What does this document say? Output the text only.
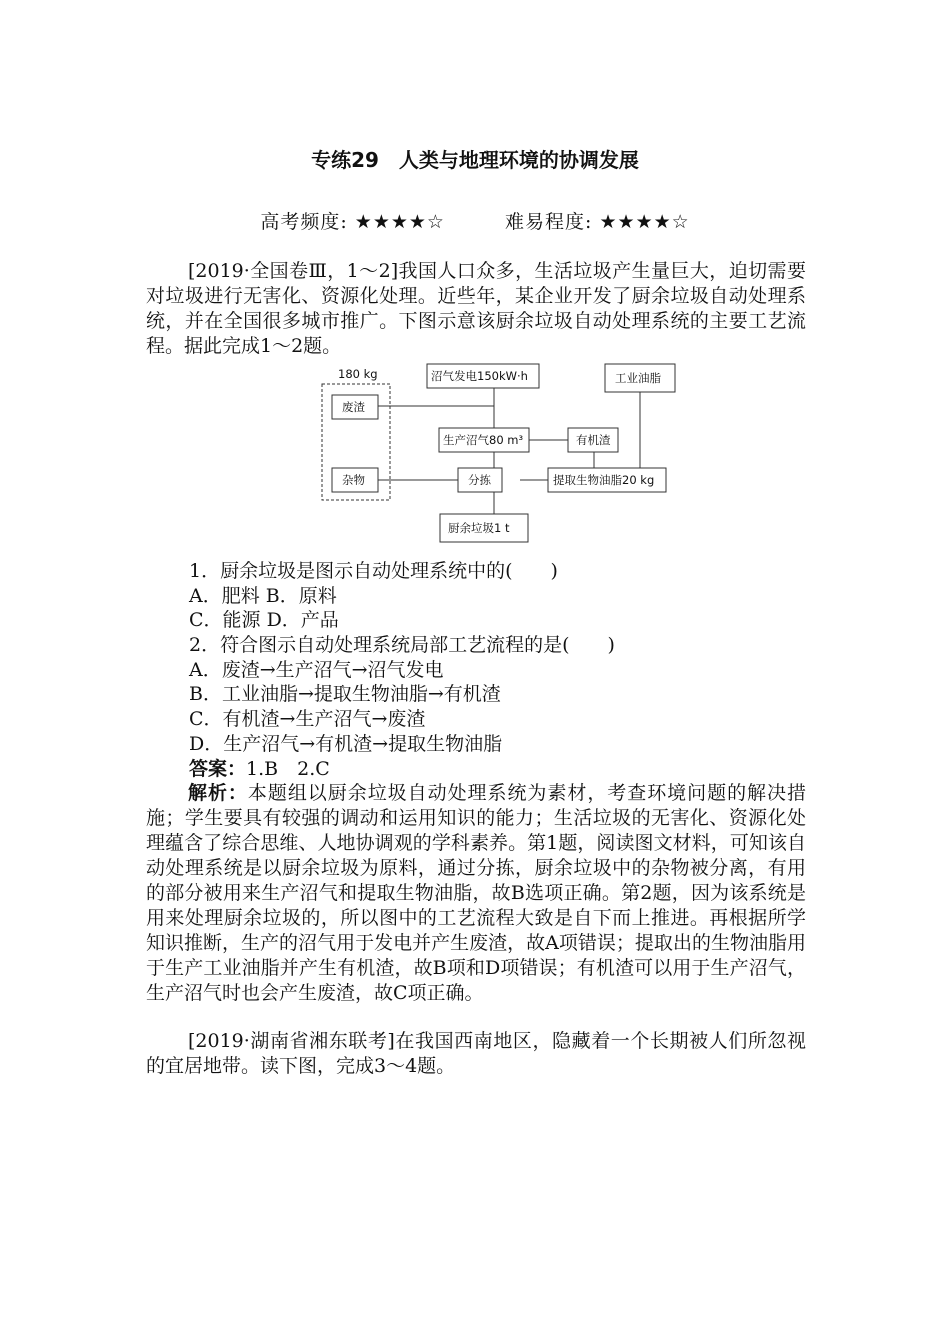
专练29　人类与地理环境的协调发展
高考频度: ★★★★☆	难易程度: ★★★★☆
[2019·全国卷Ⅲ，1～2]我国人口众多，生活垃圾产生量巨大，迫切需要对垃圾进行无害化、资源化处理。近些年，某企业开发了厨余垃圾自动处理系统，并在全国很多城市推广。下图示意该厨余垃圾自动处理系统的主要工艺流程。据此完成1～2题。
180 kg
废渣
杂物
沼气发电150kW·h	工业油脂
生产沼气80 m³	有机渣
分拣	提取生物油脂20 kg
厨余垃圾1 t
1．厨余垃圾是图示自动处理系统中的(　　)
A．肥料 B．原料
C．能源 D．产品
2．符合图示自动处理系统局部工艺流程的是(　　)
A．废渣→生产沼气→沼气发电
B．工业油脂→提取生物油脂→有机渣
C．有机渣→生产沼气→废渣
D．生产沼气→有机渣→提取生物油脂
答案：1.B　2.C
解析：本题组以厨余垃圾自动处理系统为素材，考查环境问题的解决措施；学生要具有较强的调动和运用知识的能力；生活垃圾的无害化、资源化处理蕴含了综合思维、人地协调观的学科素养。第1题，阅读图文材料，可知该自动处理系统是以厨余垃圾为原料，通过分拣，厨余垃圾中的杂物被分离，有用的部分被用来生产沼气和提取生物油脂，故B选项正确。第2题，因为该系统是用来处理厨余垃圾的，所以图中的工艺流程大致是自下而上推进。再根据所学知识推断，生产的沼气用于发电并产生废渣，故A项错误；提取出的生物油脂用于生产工业油脂并产生有机渣，故B项和D项错误；有机渣可以用于生产沼气，生产沼气时也会产生废渣，故C项正确。
[2019·湖南省湘东联考]在我国西南地区，隐藏着一个长期被人们所忽视的宜居地带。读下图，完成3～4题。
